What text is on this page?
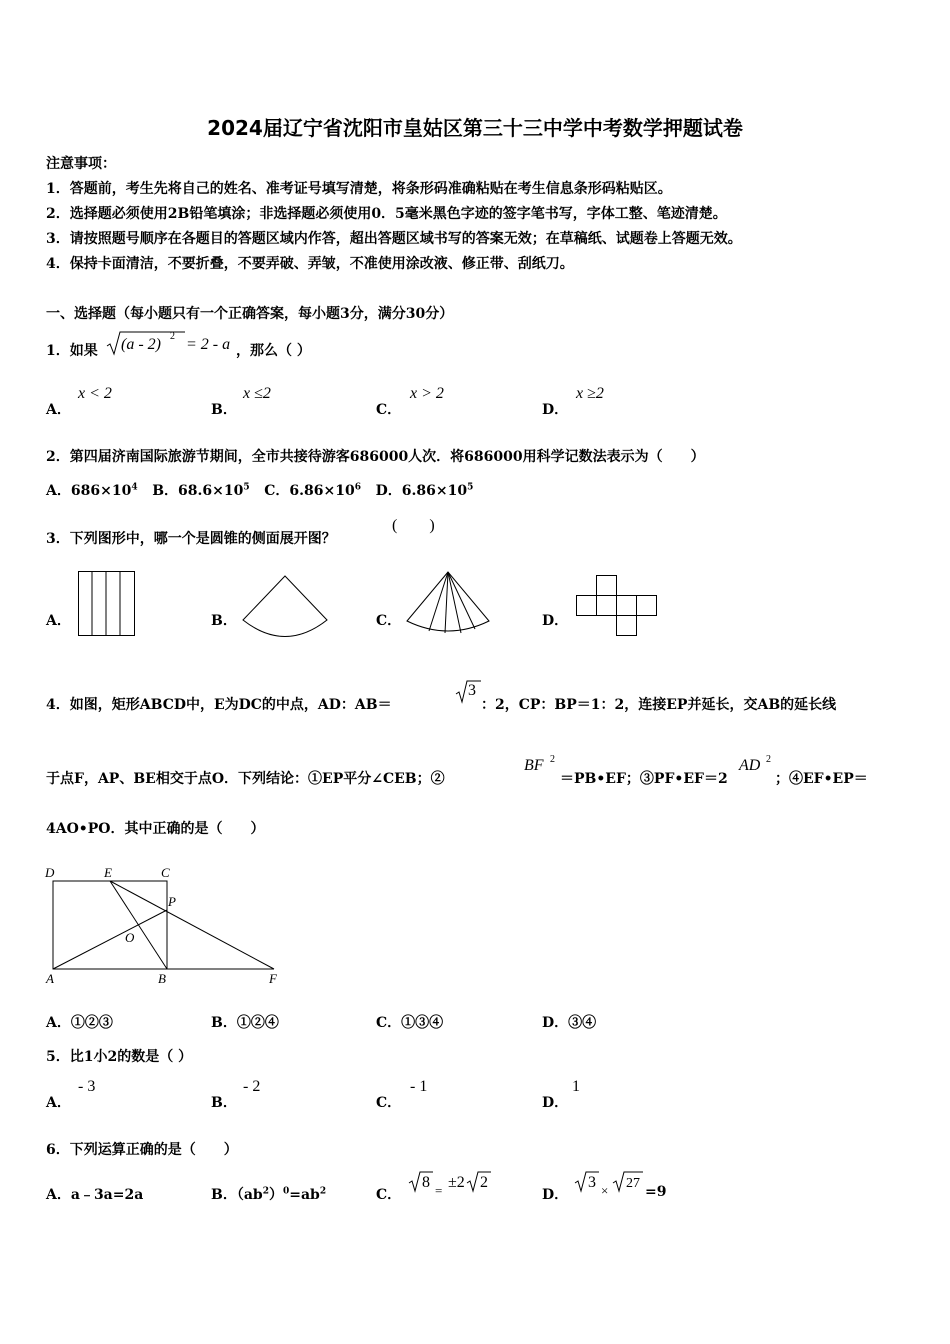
2024届辽宁省沈阳市皇姑区第三十三中学中考数学押题试卷
注意事项：
1．答题前，考生先将自己的姓名、准考证号填写清楚，将条形码准确粘贴在考生信息条形码粘贴区。
2．选择题必须使用2B铅笔填涂；非选择题必须使用0．5毫米黑色字迹的签字笔书写，字体工整、笔迹清楚。
3．请按照题号顺序在各题目的答题区域内作答，超出答题区域书写的答案无效；在草稿纸、试题卷上答题无效。
4．保持卡面清洁，不要折叠，不要弄破、弄皱，不准使用涂改液、修正带、刮纸刀。
一、选择题（每小题只有一个正确答案，每小题3分，满分30分）
1．如果 (a - 2) 2 = 2 - a ，那么（ ）
A．
x < 2
B．
x ≤2
C．
x > 2
D．
x ≥2
2．第四届济南国际旅游节期间，全市共接待游客686000人次．将686000用科学记数法表示为（　　）
A．$686\times 10^4$ B．$68.6\times 10^5$ C．$6.86\times 10^6$ D．$6.86\times 10^5$
3．下列图形中，哪一个是圆锥的侧面展开图？
(　　)
A．	B．	C．	D．
4．如图，矩形ABCD中，E为DC的中点，AD：AB＝
3
：2，CP：BP＝1：2，连接EP并延长，交AB的延长线
于点F，AP、BE相交于点O．下列结论：①EP平分∠CEB；②
BF 2
＝PB•EF；③PF•EF＝2
AD 2
；④EF•EP＝
4AO•PO．其中正确的是（　　）
D	E	C
P
O
A	B	F
A．①②③	B．①②④	C．①③④	D．③④
5．比1小2的数是（ ）
A．
- 3
B．
- 2
C．
- 1
D．
1
6．下列运算正确的是（　　）
A．a﹣3a=2a	B．$(ab^2)^0=ab^2$	C．
8 = ±2 2
D．
3 × 27
=9
